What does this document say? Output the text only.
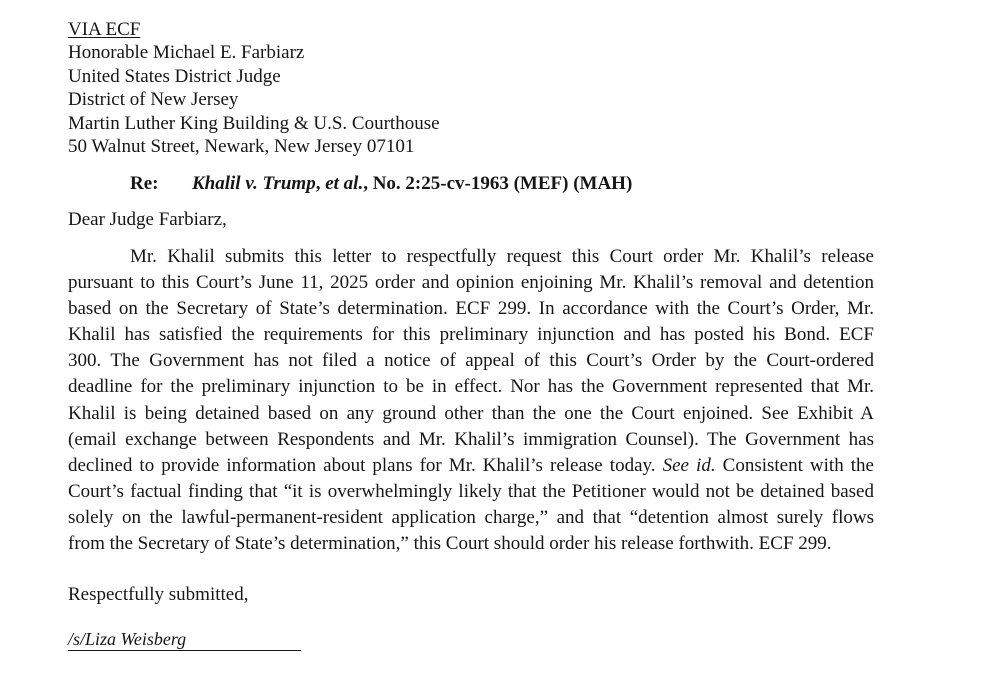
VIA ECF
Honorable Michael E. Farbiarz
United States District Judge
District of New Jersey
Martin Luther King Building & U.S. Courthouse
50 Walnut Street, Newark, New Jersey 07101
Re: Khalil v. Trump, et al., No. 2:25-cv-1963 (MEF) (MAH)
Dear Judge Farbiarz,
Mr. Khalil submits this letter to respectfully request this Court order Mr. Khalil’s release
pursuant to this Court’s June 11, 2025 order and opinion enjoining Mr. Khalil’s removal and detention
based on the Secretary of State’s determination. ECF 299. In accordance with the Court’s Order, Mr.
Khalil has satisfied the requirements for this preliminary injunction and has posted his Bond. ECF
300. The Government has not filed a notice of appeal of this Court’s Order by the Court-ordered
deadline for the preliminary injunction to be in effect. Nor has the Government represented that Mr.
Khalil is being detained based on any ground other than the one the Court enjoined. See Exhibit A
(email exchange between Respondents and Mr. Khalil’s immigration Counsel). The Government has
declined to provide information about plans for Mr. Khalil’s release today. See id. Consistent with the
Court’s factual finding that “it is overwhelmingly likely that the Petitioner would not be detained based
solely on the lawful-permanent-resident application charge,” and that “detention almost surely flows
from the Secretary of State’s determination,” this Court should order his release forthwith. ECF 299.
Respectfully submitted,
/s/Liza Weisberg
